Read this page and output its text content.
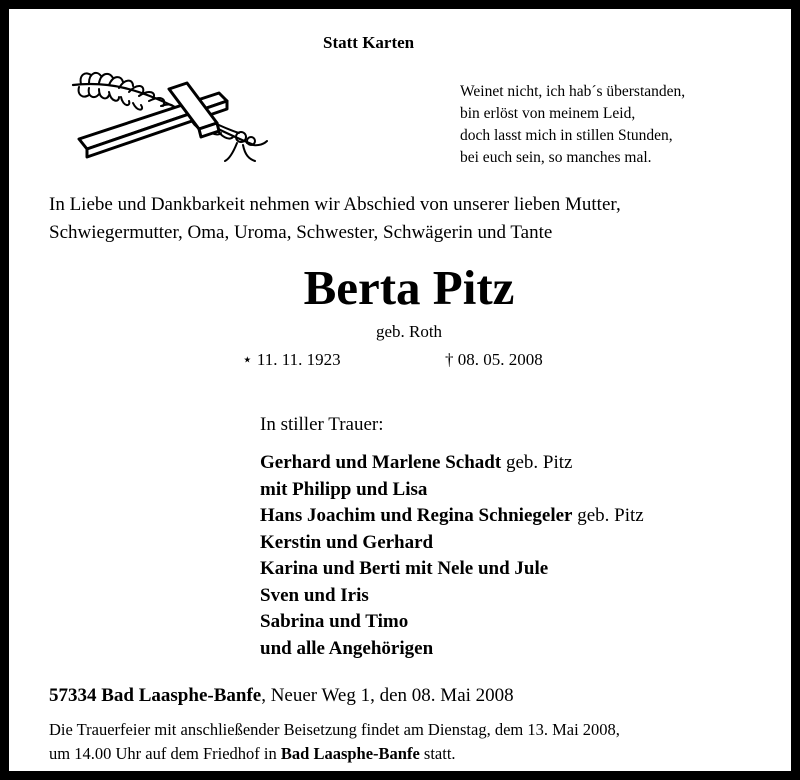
Statt Karten
Weinet nicht, ich hab´s überstanden,
bin erlöst von meinem Leid,
doch lasst mich in stillen Stunden,
bei euch sein, so manches mal.
In Liebe und Dankbarkeit nehmen wir Abschied von unserer lieben Mutter,
Schwiegermutter, Oma, Uroma, Schwester, Schwägerin und Tante
Berta Pitz
geb. Roth
⋆ 11. 11. 1923	† 08. 05. 2008
In stiller Trauer:
Gerhard und Marlene Schadt geb. Pitz
mit Philipp und Lisa
Hans Joachim und Regina Schniegeler geb. Pitz
Kerstin und Gerhard
Karina und Berti mit Nele und Jule
Sven und Iris
Sabrina und Timo
und alle Angehörigen
57334 Bad Laasphe-Banfe, Neuer Weg 1, den 08. Mai 2008
Die Trauerfeier mit anschließender Beisetzung findet am Dienstag, dem 13. Mai 2008,
um 14.00 Uhr auf dem Friedhof in Bad Laasphe-Banfe statt.
